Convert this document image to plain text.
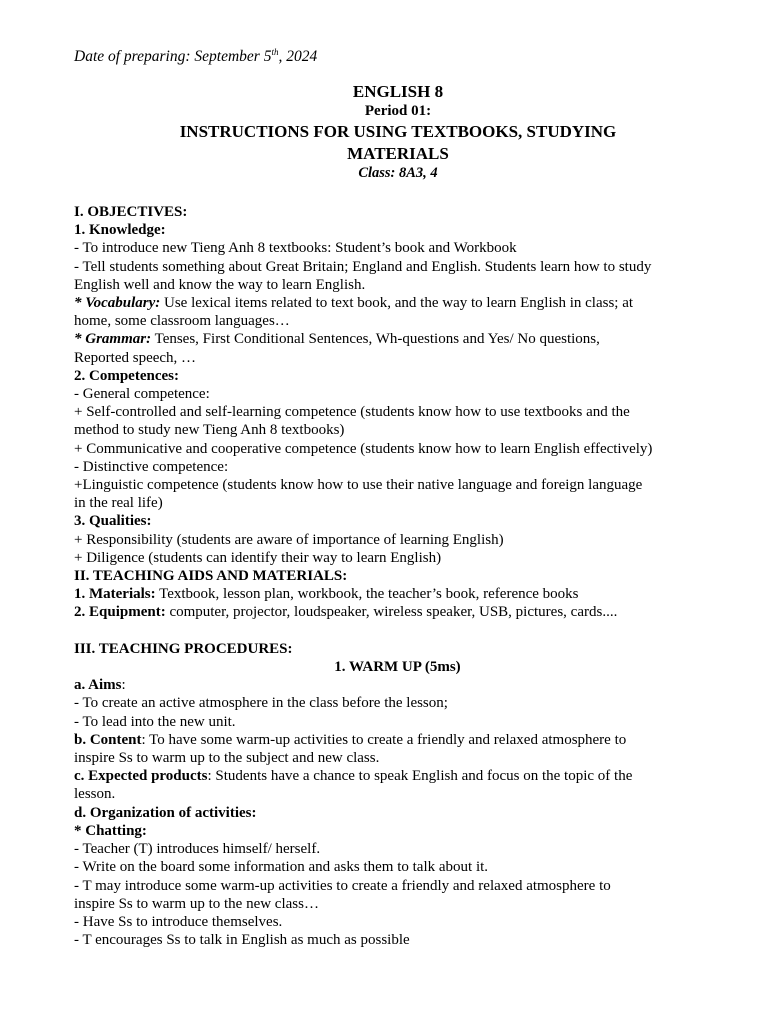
Date of preparing: September 5th, 2024
ENGLISH 8
Period 01:
INSTRUCTIONS FOR USING TEXTBOOKS, STUDYING
MATERIALS
Class: 8A3, 4
I. OBJECTIVES:
1. Knowledge:
- To introduce new Tieng Anh 8 textbooks: Student’s book and Workbook
- Tell students something about Great Britain; England and English. Students learn how to study
English well and know the way to learn English.
* Vocabulary: Use lexical items related to text book, and the way to learn English in class; at
home, some classroom languages…
* Grammar: Tenses, First Conditional Sentences, Wh-questions and Yes/ No questions,
Reported speech, …
2. Competences:
- General competence:
+ Self-controlled and self-learning competence (students know how to use textbooks and the
method to study new Tieng Anh 8 textbooks)
+ Communicative and cooperative competence (students know how to learn English effectively)
- Distinctive competence:
+Linguistic competence (students know how to use their native language and foreign language
in the real life)
3. Qualities:
+ Responsibility (students are aware of importance of learning English)
+ Diligence (students can identify their way to learn English)
II. TEACHING AIDS AND MATERIALS:
1. Materials: Textbook, lesson plan, workbook, the teacher’s book, reference books
2. Equipment: computer, projector, loudspeaker, wireless speaker, USB, pictures, cards....
III. TEACHING PROCEDURES:
1. WARM UP (5ms)
a. Aims:
- To create an active atmosphere in the class before the lesson;
- To lead into the new unit.
b. Content: To have some warm-up activities to create a friendly and relaxed atmosphere to
inspire Ss to warm up to the subject and new class.
c. Expected products: Students have a chance to speak English and focus on the topic of the
lesson.
d. Organization of activities:
* Chatting:
- Teacher (T) introduces himself/ herself.
- Write on the board some information and asks them to talk about it.
- T may introduce some warm-up activities to create a friendly and relaxed atmosphere to
inspire Ss to warm up to the new class…
- Have Ss to introduce themselves.
- T encourages Ss to talk in English as much as possible
